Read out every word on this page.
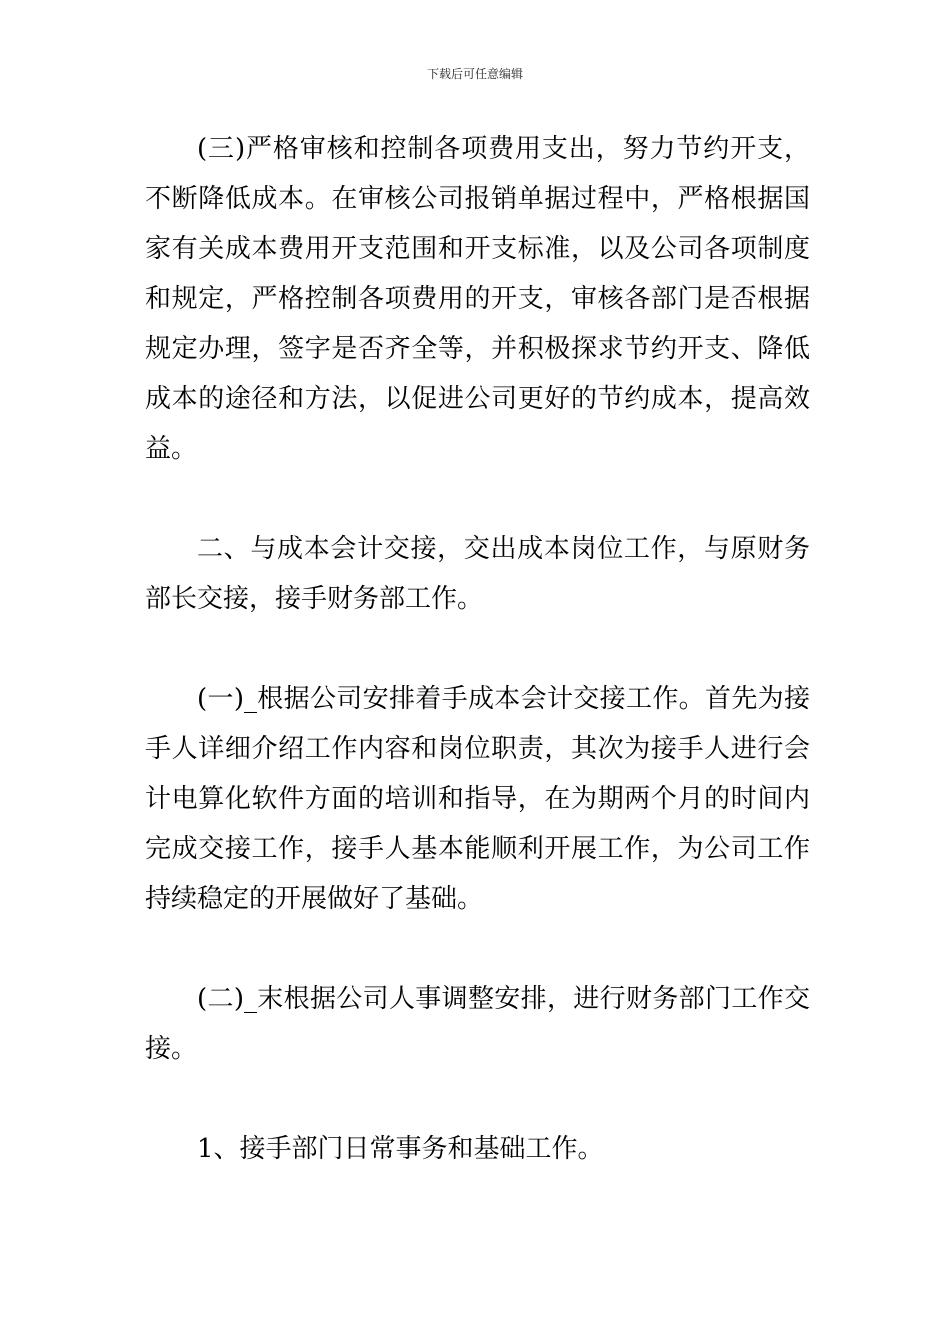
下载后可任意编辑

(三)严格审核和控制各项费用支出，努力节约开支，不断降低成本。在审核公司报销单据过程中，严格根据国家有关成本费用开支范围和开支标准，以及公司各项制度和规定，严格控制各项费用的开支，审核各部门是否根据规定办理，签字是否齐全等，并积极探求节约开支、降低成本的途径和方法，以促进公司更好的节约成本，提高效益。

二、与成本会计交接，交出成本岗位工作，与原财务部长交接，接手财务部工作。

(一)_根据公司安排着手成本会计交接工作。首先为接手人详细介绍工作内容和岗位职责，其次为接手人进行会计电算化软件方面的培训和指导，在为期两个月的时间内完成交接工作，接手人基本能顺利开展工作，为公司工作持续稳定的开展做好了基础。

(二)_末根据公司人事调整安排，进行财务部门工作交接。

1、接手部门日常事务和基础工作。
